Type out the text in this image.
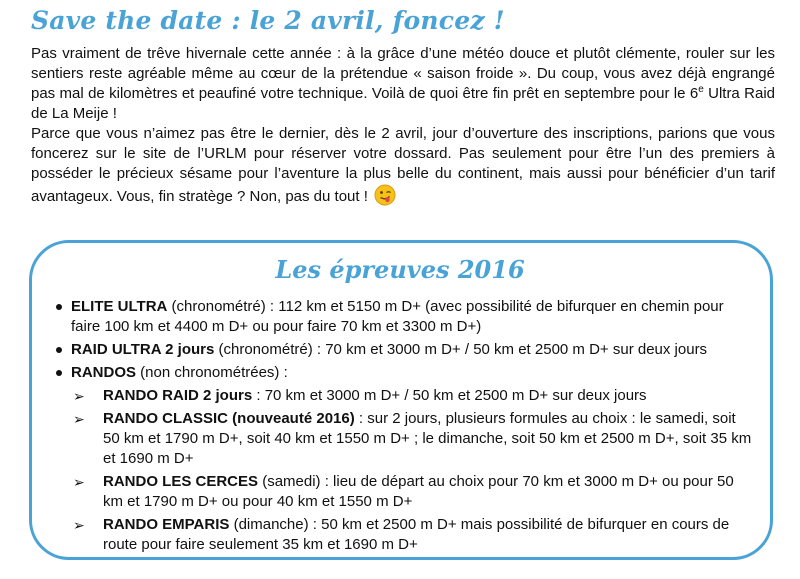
Save the date : le 2 avril, foncez !

Pas vraiment de trêve hivernale cette année : à la grâce d’une météo douce et plutôt clémente, rouler sur les sentiers reste agréable même au cœur de la prétendue « saison froide ». Du coup, vous avez déjà engrangé pas mal de kilomètres et peaufiné votre technique. Voilà de quoi être fin prêt en septembre pour le 6e Ultra Raid de La Meije !

Parce que vous n’aimez pas être le dernier, dès le 2 avril, jour d’ouverture des inscriptions, parions que vous foncerez sur le site de l’URLM pour réserver votre dossard. Pas seulement pour être l’un des premiers à posséder le précieux sésame pour l’aventure la plus belle du continent, mais aussi pour bénéficier d’un tarif avantageux. Vous, fin stratège ? Non, pas du tout !

Les épreuves 2016
ELITE ULTRA (chronométré) : 112 km et 5150 m D+ (avec possibilité de bifurquer en chemin pour faire 100 km et 4400 m D+ ou pour faire 70 km et 3300 m D+)
RAID ULTRA 2 jours (chronométré) : 70 km et 3000 m D+ / 50 km et 2500 m D+ sur deux jours
RANDOS (non chronométrées) :
➢ RANDO RAID 2 jours : 70 km et 3000 m D+ / 50 km et 2500 m D+ sur deux jours
➢ RANDO CLASSIC (nouveauté 2016) : sur 2 jours, plusieurs formules au choix : le samedi, soit 50 km et 1790 m D+, soit 40 km et 1550 m D+ ; le dimanche, soit 50 km et 2500 m D+, soit 35 km et 1690 m D+
➢ RANDO LES CERCES (samedi) : lieu de départ au choix pour 70 km et 3000 m D+ ou pour 50 km et 1790 m D+ ou pour 40 km et 1550 m D+
➢ RANDO EMPARIS (dimanche) : 50 km et 2500 m D+ mais possibilité de bifurquer en cours de route pour faire seulement 35 km et 1690 m D+
